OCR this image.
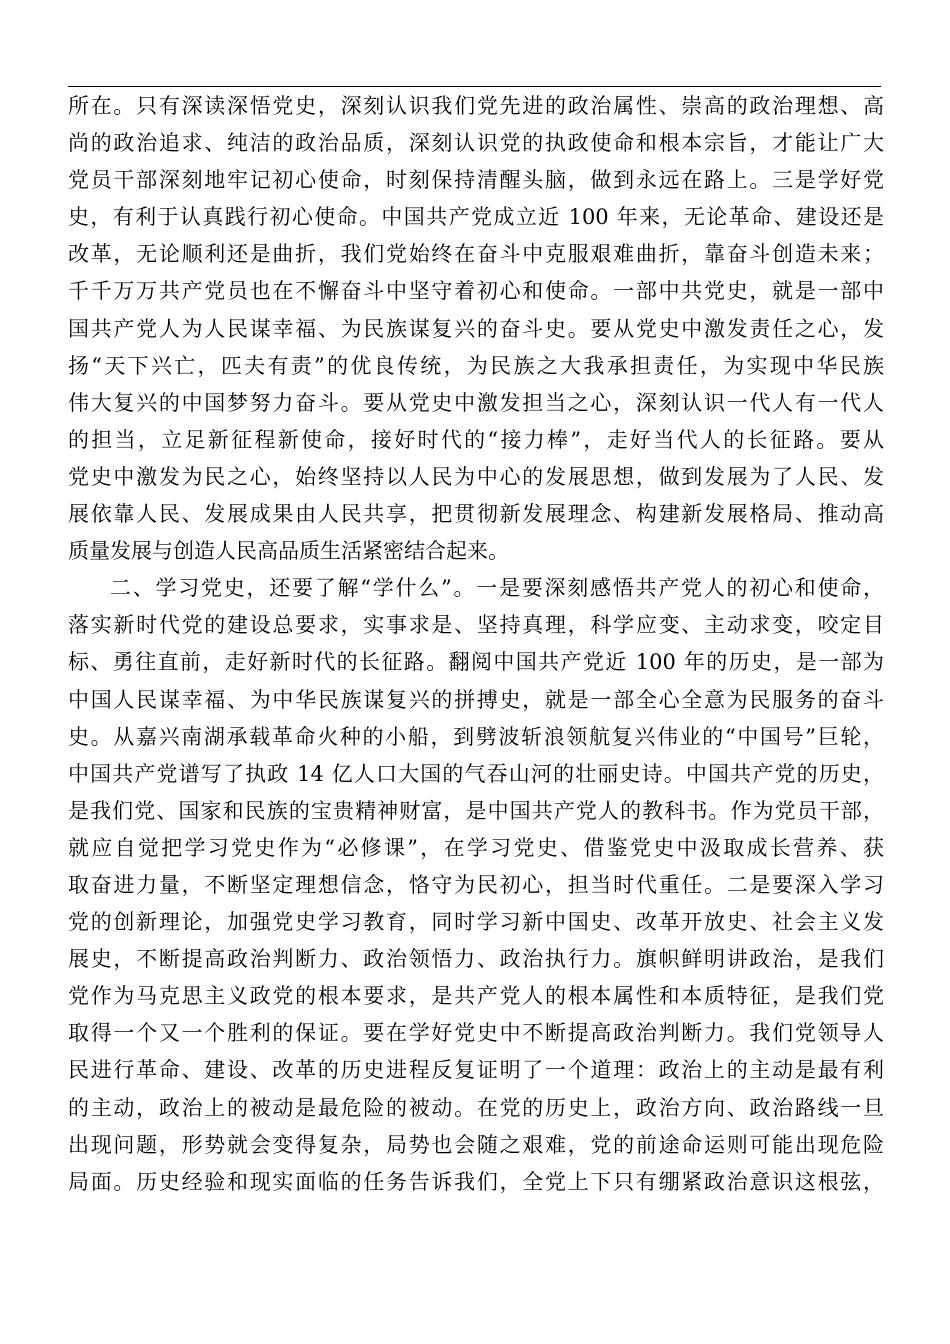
所在。只有深读深悟党史，深刻认识我们党先进的政治属性、崇高的政治理想、高
尚的政治追求、纯洁的政治品质，深刻认识党的执政使命和根本宗旨，才能让广大
党员干部深刻地牢记初心使命，时刻保持清醒头脑，做到永远在路上。三是学好党
史，有利于认真践行初心使命。中国共产党成立近 100 年来，无论革命、建设还是
改革，无论顺利还是曲折，我们党始终在奋斗中克服艰难曲折，靠奋斗创造未来；
千千万万共产党员也在不懈奋斗中坚守着初心和使命。一部中共党史，就是一部中
国共产党人为人民谋幸福、为民族谋复兴的奋斗史。要从党史中激发责任之心，发
扬“天下兴亡，匹夫有责”的优良传统，为民族之大我承担责任，为实现中华民族
伟大复兴的中国梦努力奋斗。要从党史中激发担当之心，深刻认识一代人有一代人
的担当，立足新征程新使命，接好时代的“接力棒”，走好当代人的长征路。要从
党史中激发为民之心，始终坚持以人民为中心的发展思想，做到发展为了人民、发
展依靠人民、发展成果由人民共享，把贯彻新发展理念、构建新发展格局、推动高
质量发展与创造人民高品质生活紧密结合起来。
二、学习党史，还要了解“学什么”。一是要深刻感悟共产党人的初心和使命，
落实新时代党的建设总要求，实事求是、坚持真理，科学应变、主动求变，咬定目
标、勇往直前，走好新时代的长征路。翻阅中国共产党近 100 年的历史，是一部为
中国人民谋幸福、为中华民族谋复兴的拼搏史，就是一部全心全意为民服务的奋斗
史。从嘉兴南湖承载革命火种的小船，到劈波斩浪领航复兴伟业的“中国号”巨轮，
中国共产党谱写了执政 14 亿人口大国的气吞山河的壮丽史诗。中国共产党的历史，
是我们党、国家和民族的宝贵精神财富，是中国共产党人的教科书。作为党员干部，
就应自觉把学习党史作为“必修课”，在学习党史、借鉴党史中汲取成长营养、获
取奋进力量，不断坚定理想信念，恪守为民初心，担当时代重任。二是要深入学习
党的创新理论，加强党史学习教育，同时学习新中国史、改革开放史、社会主义发
展史，不断提高政治判断力、政治领悟力、政治执行力。旗帜鲜明讲政治，是我们
党作为马克思主义政党的根本要求，是共产党人的根本属性和本质特征，是我们党
取得一个又一个胜利的保证。要在学好党史中不断提高政治判断力。我们党领导人
民进行革命、建设、改革的历史进程反复证明了一个道理：政治上的主动是最有利
的主动，政治上的被动是最危险的被动。在党的历史上，政治方向、政治路线一旦
出现问题，形势就会变得复杂，局势也会随之艰难，党的前途命运则可能出现危险
局面。历史经验和现实面临的任务告诉我们，全党上下只有绷紧政治意识这根弦，
